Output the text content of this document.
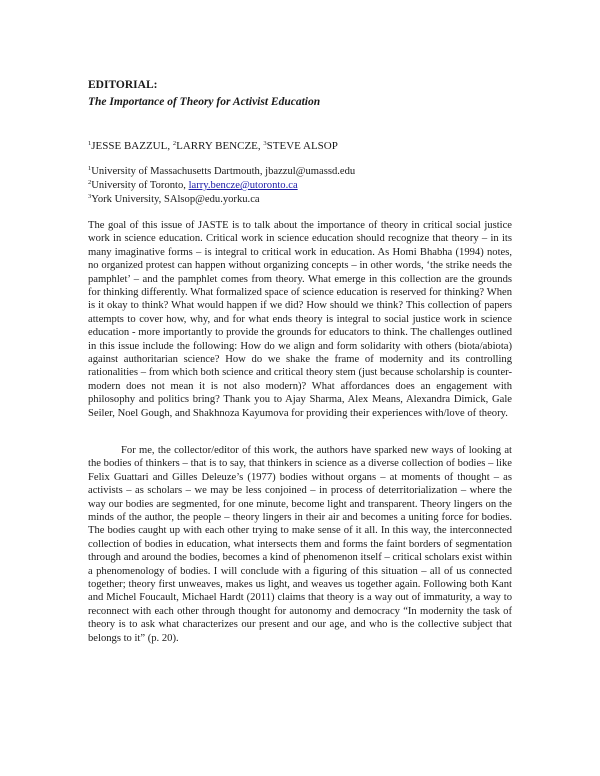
EDITORIAL:
The Importance of Theory for Activist Education
$^1$JESSE BAZZUL, $^2$LARRY BENCZE, $^3$STEVE ALSOP
$^1$University of Massachusetts Dartmouth, jbazzul@umassd.edu
$^2$University of Toronto, larry.bencze@utoronto.ca
$^3$York University, SAlsop@edu.yorku.ca

The goal of this issue of JASTE is to talk about the importance of theory in critical social justice work in science education. Critical work in science education should recognize that theory – in its many imaginative forms – is integral to critical work in education. As Homi Bhabha (1994) notes, no organized protest can happen without organizing concepts – in other words, ‘the strike needs the pamphlet’ – and the pamphlet comes from theory. What emerge in this collection are the grounds for thinking differently. What formalized space of science education is reserved for thinking? When is it okay to think? What would happen if we did? How should we think? This collection of papers attempts to cover how, why, and for what ends theory is integral to social justice work in science education - more importantly to provide the grounds for educators to think. The challenges outlined in this issue include the following: How do we align and form solidarity with others (biota/abiota) against authoritarian science? How do we shake the frame of modernity and its controlling rationalities – from which both science and critical theory stem (just because scholarship is counter-modern does not mean it is not also modern)? What affordances does an engagement with philosophy and politics bring? Thank you to Ajay Sharma, Alex Means, Alexandra Dimick, Gale Seiler, Noel Gough, and Shakhnoza Kayumova for providing their experiences with/love of theory.

For me, the collector/editor of this work, the authors have sparked new ways of looking at the bodies of thinkers – that is to say, that thinkers in science as a diverse collection of bodies – like Felix Guattari and Gilles Deleuze’s (1977) bodies without organs – at moments of thought – as activists – as scholars – we may be less conjoined – in process of deterritorialization – where the way our bodies are segmented, for one minute, become light and transparent. Theory lingers on the minds of the author, the people – theory lingers in their air and becomes a uniting force for bodies. The bodies caught up with each other trying to make sense of it all. In this way, the interconnected collection of bodies in education, what intersects them and forms the faint borders of segmentation through and around the bodies, becomes a kind of phenomenon itself – critical scholars exist within a phenomenology of bodies. I will conclude with a figuring of this situation – all of us connected together; theory first unweaves, makes us light, and weaves us together again. Following both Kant and Michel Foucault, Michael Hardt (2011) claims that theory is a way out of immaturity, a way to reconnect with each other through thought for autonomy and democracy “In modernity the task of theory is to ask what characterizes our present and our age, and who is the collective subject that belongs to it” (p. 20).
